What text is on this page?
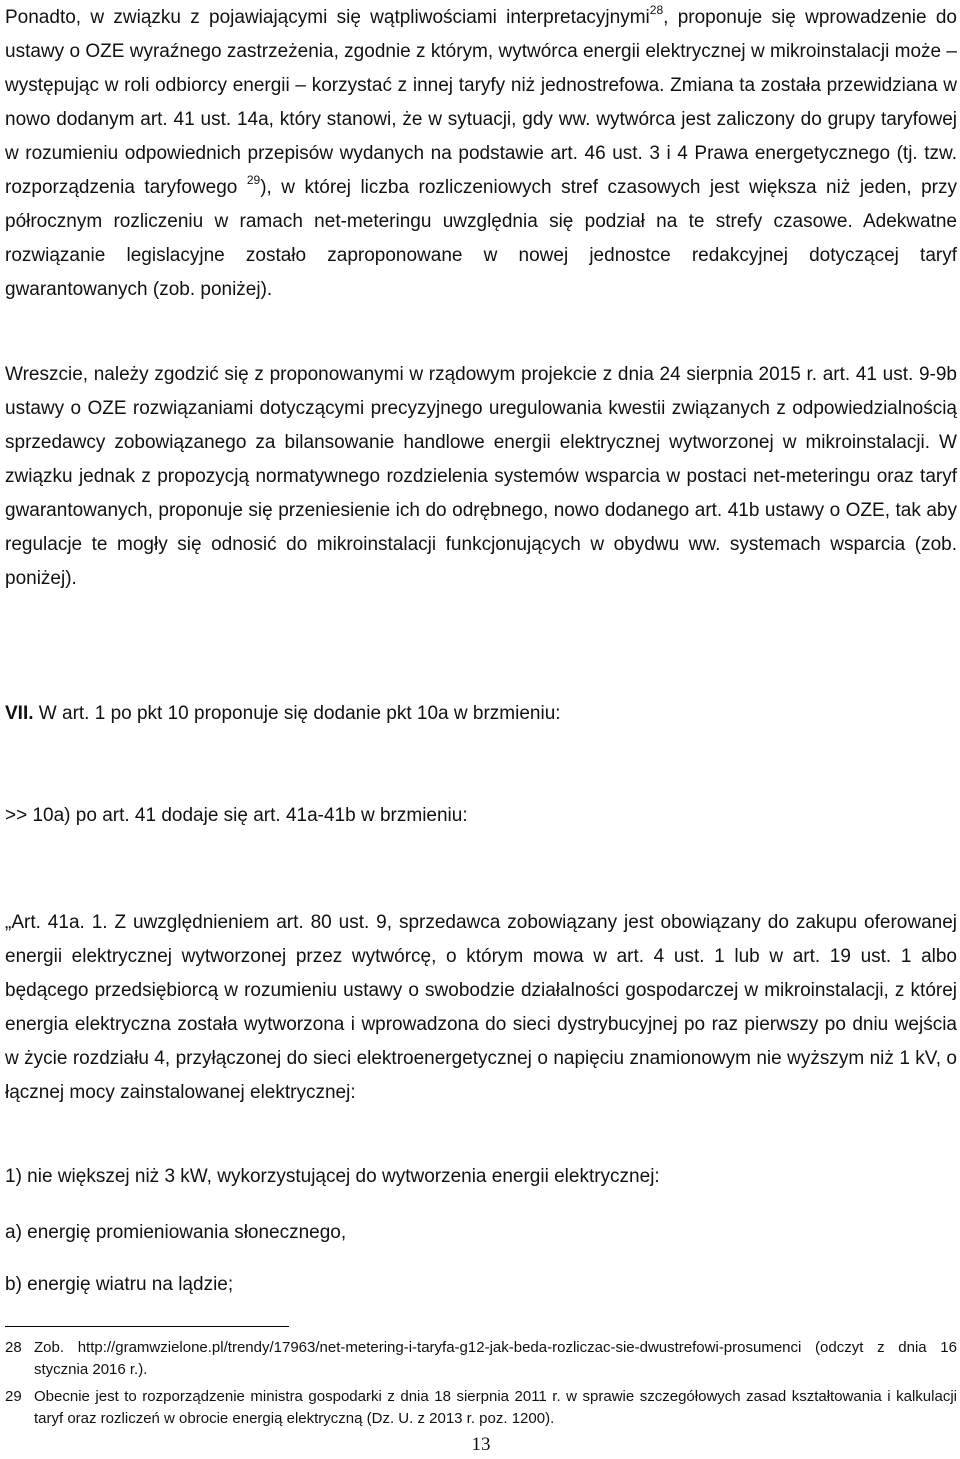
Ponadto, w związku z pojawiającymi się wątpliwościami interpretacyjnymi$^{28}$, proponuje się wprowadzenie do ustawy o OZE wyraźnego zastrzeżenia, zgodnie z którym, wytwórca energii elektrycznej w mikroinstalacji może – występując w roli odbiorcy energii – korzystać z innej taryfy niż jednostrefowa. Zmiana ta została przewidziana w nowo dodanym art. 41 ust. 14a, który stanowi, że w sytuacji, gdy ww. wytwórca jest zaliczony do grupy taryfowej w rozumieniu odpowiednich przepisów wydanych na podstawie art. 46 ust. 3 i 4 Prawa energetycznego (tj. tzw. rozporządzenia taryfowego $^{29}$), w której liczba rozliczeniowych stref czasowych jest większa niż jeden, przy półrocznym rozliczeniu w ramach net-meteringu uwzględnia się podział na te strefy czasowe. Adekwatne rozwiązanie legislacyjne zostało zaproponowane w nowej jednostce redakcyjnej dotyczącej taryf gwarantowanych (zob. poniżej).

Wreszcie, należy zgodzić się z proponowanymi w rządowym projekcie z dnia 24 sierpnia 2015 r. art. 41 ust. 9-9b ustawy o OZE rozwiązaniami dotyczącymi precyzyjnego uregulowania kwestii związanych z odpowiedzialnością sprzedawcy zobowiązanego za bilansowanie handlowe energii elektrycznej wytworzonej w mikroinstalacji. W związku jednak z propozycją normatywnego rozdzielenia systemów wsparcia w postaci net-meteringu oraz taryf gwarantowanych, proponuje się przeniesienie ich do odrębnego, nowo dodanego art. 41b ustawy o OZE, tak aby regulacje te mogły się odnosić do mikroinstalacji funkcjonujących w obydwu ww. systemach wsparcia (zob. poniżej).

VII. W art. 1 po pkt 10 proponuje się dodanie pkt 10a w brzmieniu:

>> 10a) po art. 41 dodaje się art. 41a-41b w brzmieniu:

„Art. 41a. 1. Z uwzględnieniem art. 80 ust. 9, sprzedawca zobowiązany jest obowiązany do zakupu oferowanej energii elektrycznej wytworzonej przez wytwórcę, o którym mowa w art. 4 ust. 1 lub w art. 19 ust. 1 albo będącego przedsiębiorcą w rozumieniu ustawy o swobodzie działalności gospodarczej w mikroinstalacji, z której energia elektryczna została wytworzona i wprowadzona do sieci dystrybucyjnej po raz pierwszy po dniu wejścia w życie rozdziału 4, przyłączonej do sieci elektroenergetycznej o napięciu znamionowym nie wyższym niż 1 kV, o łącznej mocy zainstalowanej elektrycznej:

1) nie większej niż 3 kW, wykorzystującej do wytworzenia energii elektrycznej:

a) energię promieniowania słonecznego,

b) energię wiatru na lądzie;

28 Zob. http://gramwzielone.pl/trendy/17963/net-metering-i-taryfa-g12-jak-beda-rozliczac-sie-dwustrefowi-prosumenci (odczyt z dnia 16 stycznia 2016 r.).
29 Obecnie jest to rozporządzenie ministra gospodarki z dnia 18 sierpnia 2011 r. w sprawie szczegółowych zasad kształtowania i kalkulacji taryf oraz rozliczeń w obrocie energią elektryczną (Dz. U. z 2013 r. poz. 1200).
13
